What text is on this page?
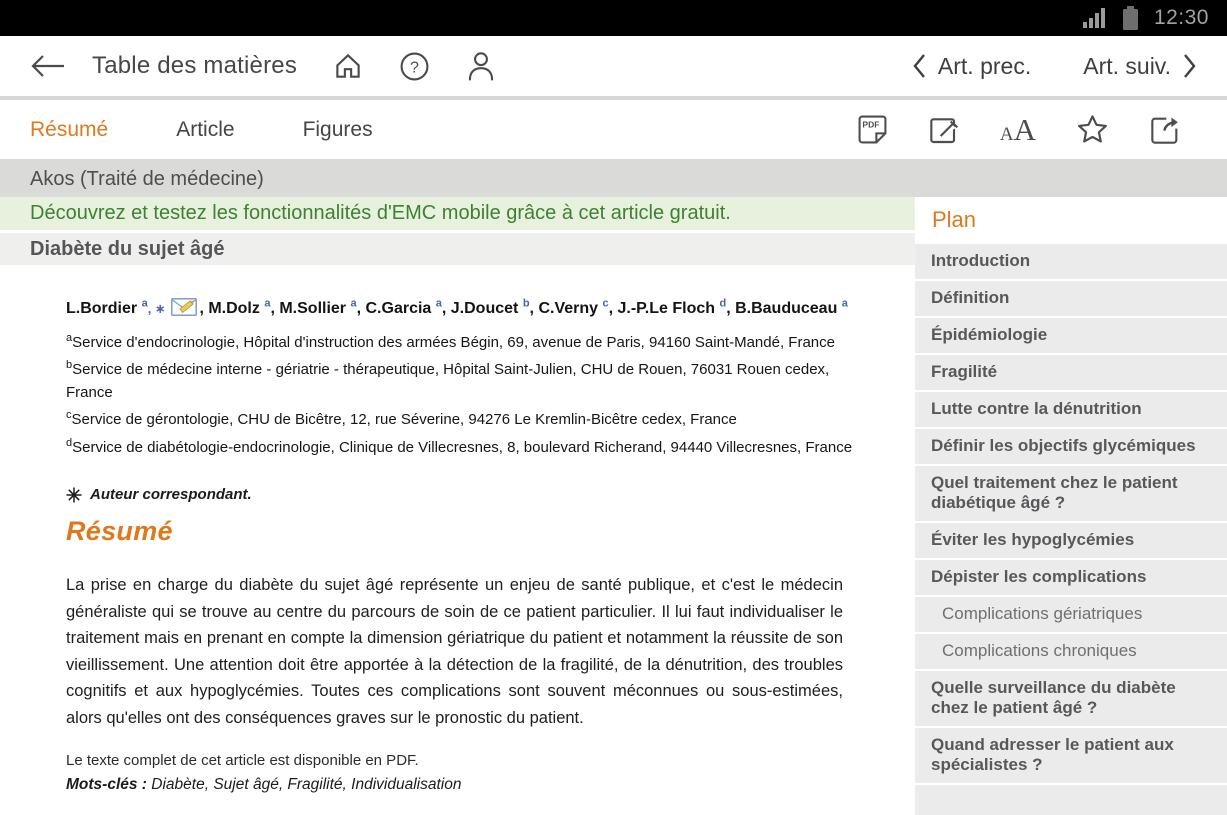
12:30
Table des matières	?	Art. prec. Art. suiv.
Résumé	Article	Figures	PDF	AA
Akos (Traité de médecine)
Découvrez et testez les fonctionnalités d'EMC mobile grâce à cet article gratuit.
Diabète du sujet âgé

L.Bordier $^a$, ∗
, M.Dolz $^a$, M.Sollier $^a$, C.Garcia $^a$, J.Doucet $^b$, C.Verny $^c$, J.-P.Le Floch $^d$, B.Bauduceau $^a$

$^a$Service d'endocrinologie, Hôpital d'instruction des armées Bégin, 69, avenue de Paris, 94160 Saint-Mandé, France
$^b$Service de médecine interne - gériatrie - thérapeutique, Hôpital Saint-Julien, CHU de Rouen, 76031 Rouen cedex, France
$^c$Service de gérontologie, CHU de Bicêtre, 12, rue Séverine, 94276 Le Kremlin-Bicêtre cedex, France
$^d$Service de diabétologie-endocrinologie, Clinique de Villecresnes, 8, boulevard Richerand, 94440 Villecresnes, France
Auteur correspondant.
Résumé

La prise en charge du diabète du sujet âgé représente un enjeu de santé publique, et c'est le médecin généraliste qui se trouve au centre du parcours de soin de ce patient particulier. Il lui faut individualiser le traitement mais en prenant en compte la dimension gériatrique du patient et notamment la réussite de son vieillissement. Une attention doit être apportée à la détection de la fragilité, de la dénutrition, des troubles cognitifs et aux hypoglycémies. Toutes ces complications sont souvent méconnues ou sous-estimées, alors qu'elles ont des conséquences graves sur le pronostic du patient.

Le texte complet de cet article est disponible en PDF.

Mots-clés : Diabète, Sujet âgé, Fragilité, Individualisation

Plan
Introduction
Définition
Épidémiologie
Fragilité
Lutte contre la dénutrition
Définir les objectifs glycémiques
Quel traitement chez le patient diabétique âgé ?
Éviter les hypoglycémies
Dépister les complications
Complications gériatriques
Complications chroniques
Quelle surveillance du diabète chez le patient âgé ?
Quand adresser le patient aux spécialistes ?
